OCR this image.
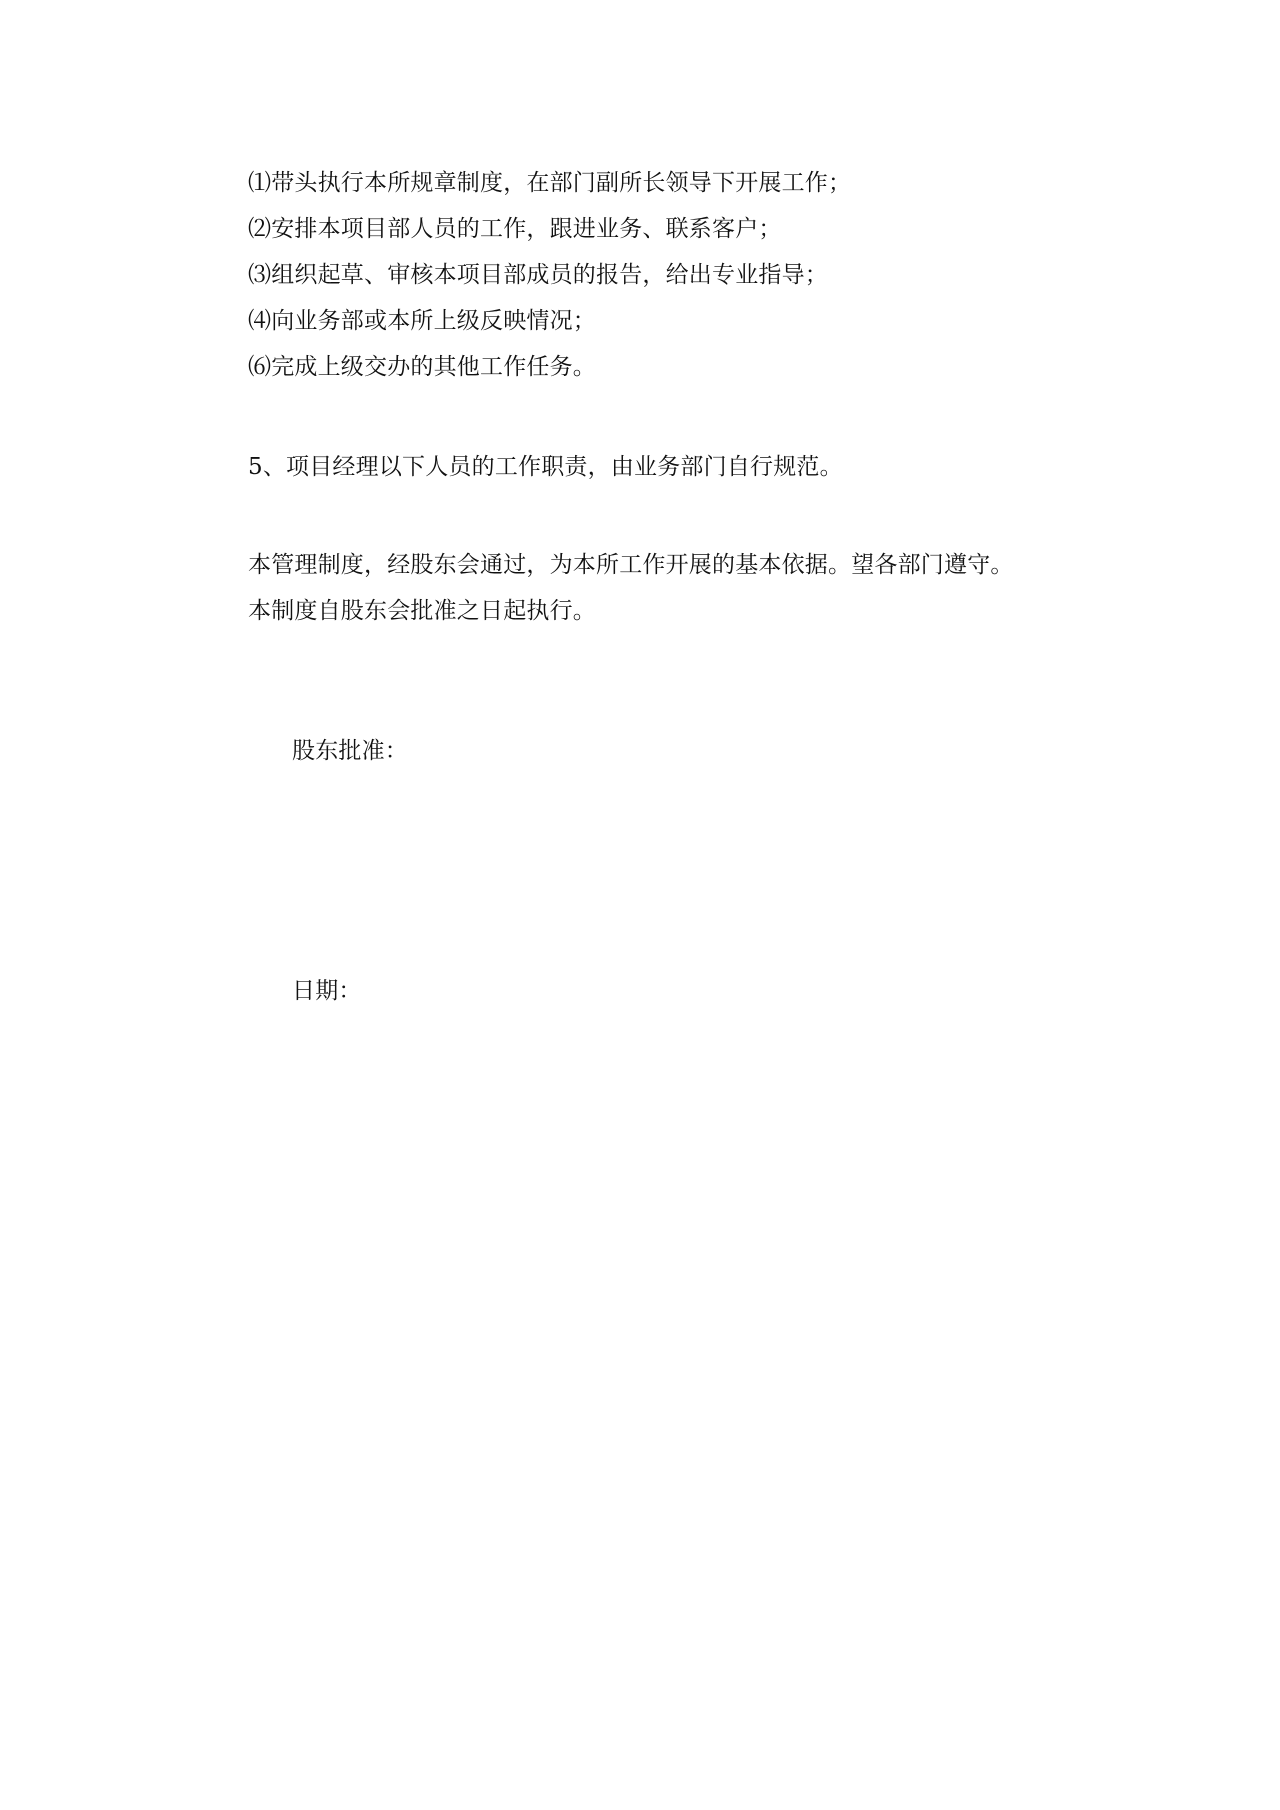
⑴带头执行本所规章制度，在部门副所长领导下开展工作；
⑵安排本项目部人员的工作，跟进业务、联系客户；
⑶组织起草、审核本项目部成员的报告，给出专业指导；
⑷向业务部或本所上级反映情况；
⑹完成上级交办的其他工作任务。
5、项目经理以下人员的工作职责，由业务部门自行规范。
本管理制度，经股东会通过，为本所工作开展的基本依据。望各部门遵守。
本制度自股东会批准之日起执行。
股东批准：
日期：
